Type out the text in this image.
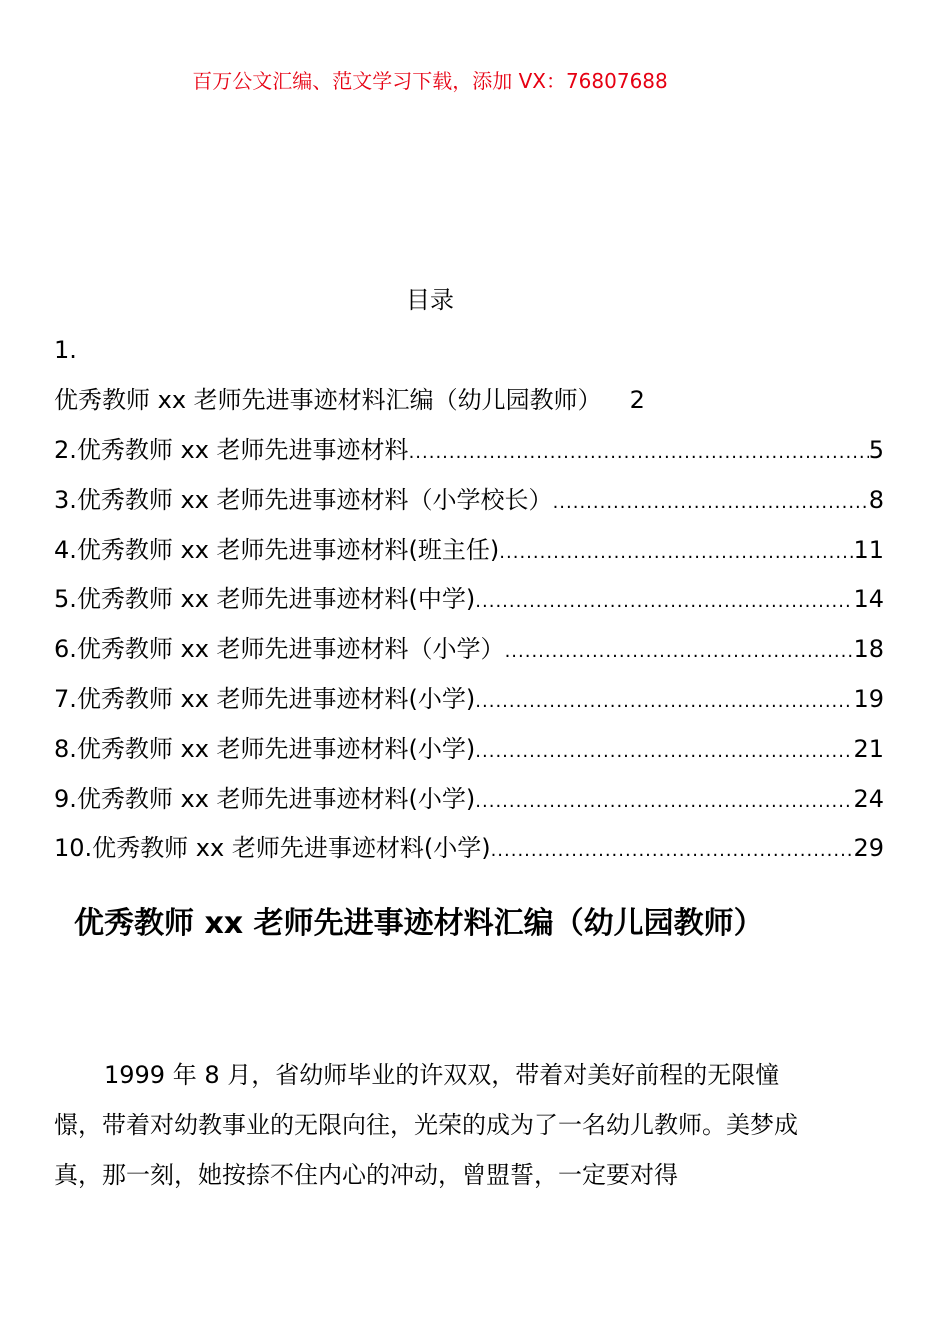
百万公文汇编、范文学习下载，添加 VX：76807688
目录
1.
优秀教师 xx 老师先进事迹材料汇编（幼儿园教师） 2
2.优秀教师 xx 老师先进事迹材料 .....	5
3.优秀教师 xx 老师先进事迹材料（小学校长） .....	8
4.优秀教师 xx 老师先进事迹材料(班主任) .....	11
5.优秀教师 xx 老师先进事迹材料(中学) .....	14
6.优秀教师 xx 老师先进事迹材料（小学） .....	18
7.优秀教师 xx 老师先进事迹材料(小学) .....	19
8.优秀教师 xx 老师先进事迹材料(小学) .....	21
9.优秀教师 xx 老师先进事迹材料(小学) .....	24
10.优秀教师 xx 老师先进事迹材料(小学) .....	29
优秀教师 xx 老师先进事迹材料汇编（幼儿园教师）

1999 年 8 月，省幼师毕业的许双双，带着对美好前程的无限憧憬，带着对幼教事业的无限向往，光荣的成为了一名幼儿教师。美梦成真，那一刻，她按捺不住内心的冲动，曾盟誓，一定要对得
